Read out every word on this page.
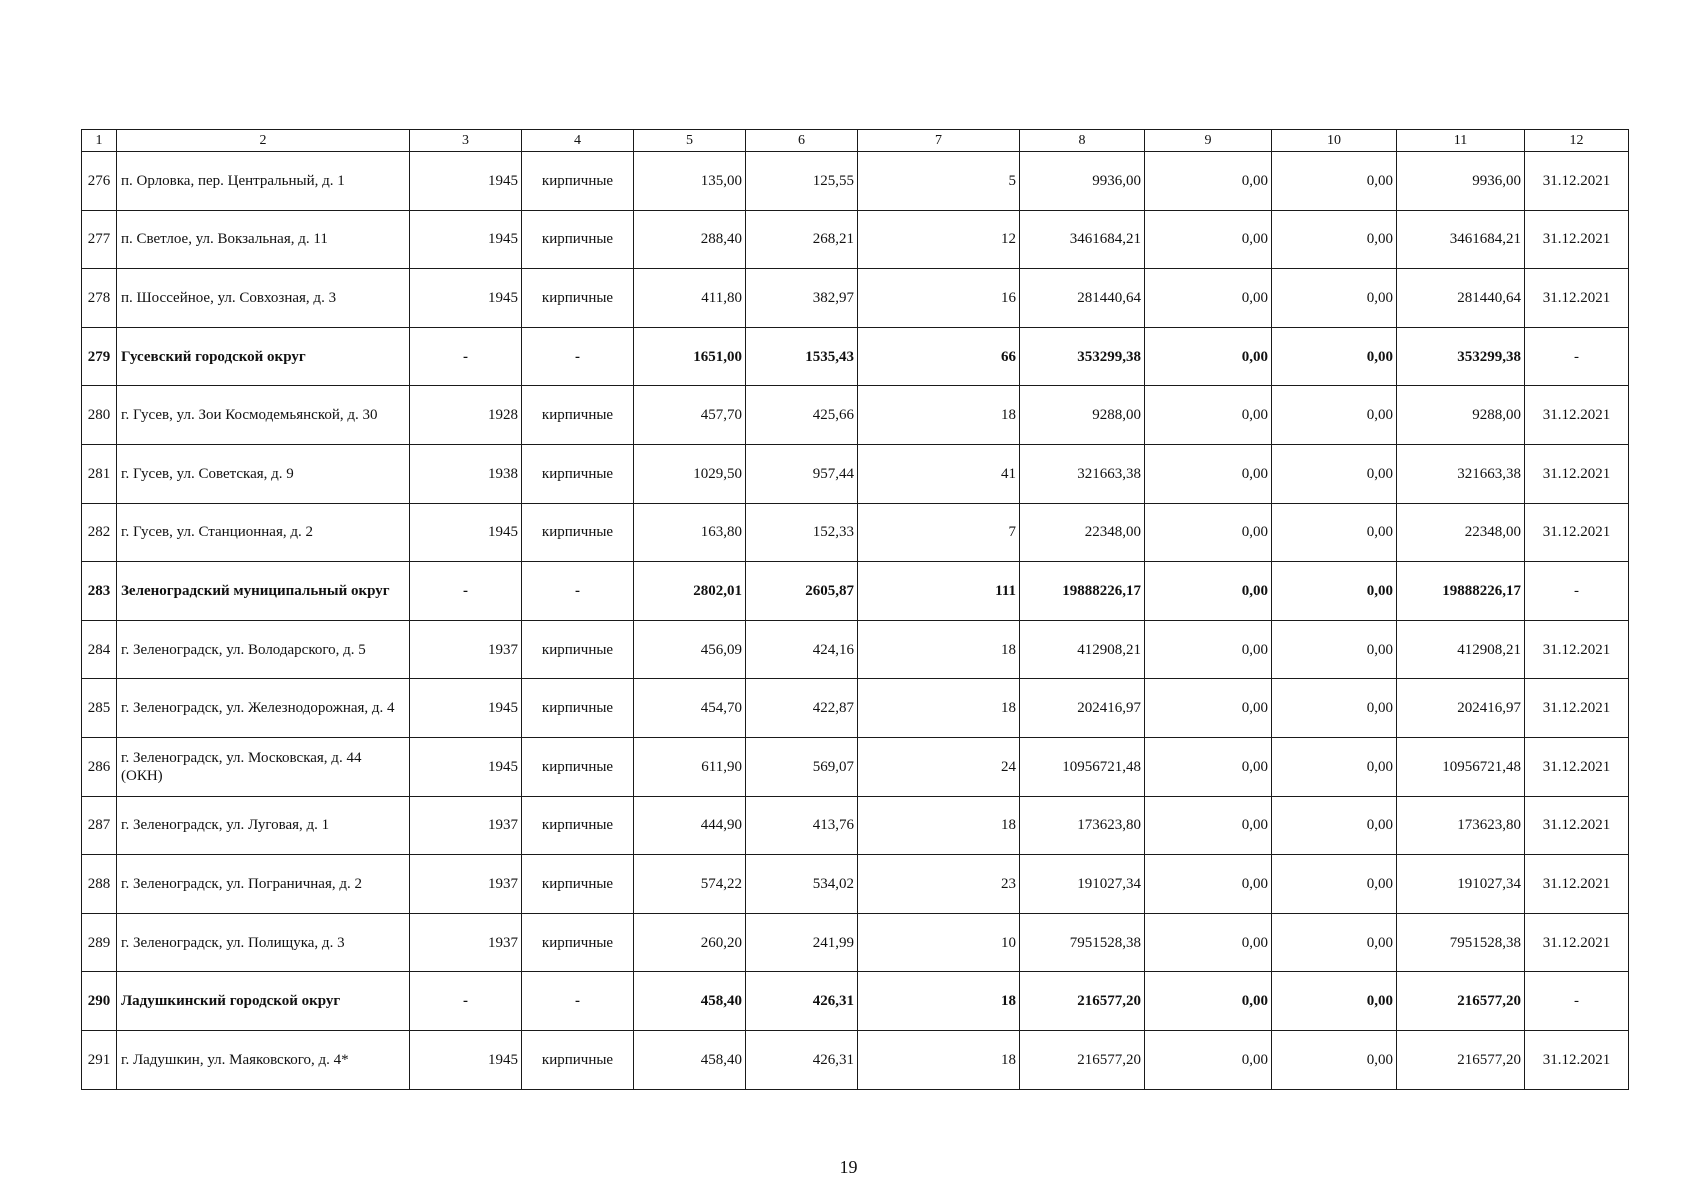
1	2	3	4	5	6	7	8	9	10	11	12
276	п. Орловка, пер. Центральный, д. 1	1945	кирпичные	135,00	125,55	5	9936,00	0,00	0,00	9936,00	31.12.2021
277	п. Светлое, ул. Вокзальная, д. 11	1945	кирпичные	288,40	268,21	12	3461684,21	0,00	0,00	3461684,21	31.12.2021
278	п. Шоссейное, ул. Совхозная, д. 3	1945	кирпичные	411,80	382,97	16	281440,64	0,00	0,00	281440,64	31.12.2021
279	Гусевский городской округ	-	-	1651,00	1535,43	66	353299,38	0,00	0,00	353299,38	-
280	г. Гусев, ул. Зои Космодемьянской, д. 30	1928	кирпичные	457,70	425,66	18	9288,00	0,00	0,00	9288,00	31.12.2021
281	г. Гусев, ул. Советская, д. 9	1938	кирпичные	1029,50	957,44	41	321663,38	0,00	0,00	321663,38	31.12.2021
282	г. Гусев, ул. Станционная, д. 2	1945	кирпичные	163,80	152,33	7	22348,00	0,00	0,00	22348,00	31.12.2021
283	Зеленоградский муниципальный округ	-	-	2802,01	2605,87	111	19888226,17	0,00	0,00	19888226,17	-
284	г. Зеленоградск, ул. Володарского, д. 5	1937	кирпичные	456,09	424,16	18	412908,21	0,00	0,00	412908,21	31.12.2021
285	г. Зеленоградск, ул. Железнодорожная, д. 4	1945	кирпичные	454,70	422,87	18	202416,97	0,00	0,00	202416,97	31.12.2021
286	г. Зеленоградск, ул. Московская, д. 44 (ОКН)	1945	кирпичные	611,90	569,07	24	10956721,48	0,00	0,00	10956721,48	31.12.2021
287	г. Зеленоградск, ул. Луговая, д. 1	1937	кирпичные	444,90	413,76	18	173623,80	0,00	0,00	173623,80	31.12.2021
288	г. Зеленоградск, ул. Пограничная, д. 2	1937	кирпичные	574,22	534,02	23	191027,34	0,00	0,00	191027,34	31.12.2021
289	г. Зеленоградск, ул. Полищука, д. 3	1937	кирпичные	260,20	241,99	10	7951528,38	0,00	0,00	7951528,38	31.12.2021
290	Ладушкинский городской округ	-	-	458,40	426,31	18	216577,20	0,00	0,00	216577,20	-
291	г. Ладушкин, ул. Маяковского, д. 4*	1945	кирпичные	458,40	426,31	18	216577,20	0,00	0,00	216577,20	31.12.2021
19
